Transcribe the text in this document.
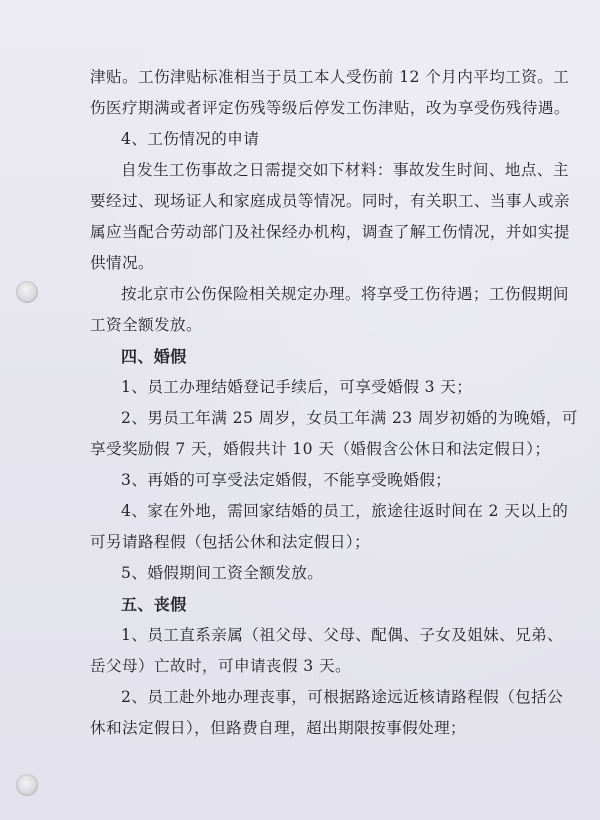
津贴。工伤津贴标准相当于员工本人受伤前 12 个月内平均工资。工
伤医疗期满或者评定伤残等级后停发工伤津贴，改为享受伤残待遇。
4、工伤情况的申请
自发生工伤事故之日需提交如下材料：事故发生时间、地点、主
要经过、现场证人和家庭成员等情况。同时，有关职工、当事人或亲
属应当配合劳动部门及社保经办机构，调查了解工伤情况，并如实提
供情况。
按北京市公伤保险相关规定办理。将享受工伤待遇；工伤假期间
工资全额发放。
四、婚假
1、员工办理结婚登记手续后，可享受婚假 3 天；
2、男员工年满 25 周岁，女员工年满 23 周岁初婚的为晚婚，可
享受奖励假 7 天，婚假共计 10 天（婚假含公休日和法定假日）；
3、再婚的可享受法定婚假，不能享受晚婚假；
4、家在外地，需回家结婚的员工，旅途往返时间在 2 天以上的
可另请路程假（包括公休和法定假日）；
5、婚假期间工资全额发放。
五、丧假
1、员工直系亲属（祖父母、父母、配偶、子女及姐妹、兄弟、
岳父母）亡故时，可申请丧假 3 天。
2、员工赴外地办理丧事，可根据路途远近核请路程假（包括公
休和法定假日），但路费自理，超出期限按事假处理；
